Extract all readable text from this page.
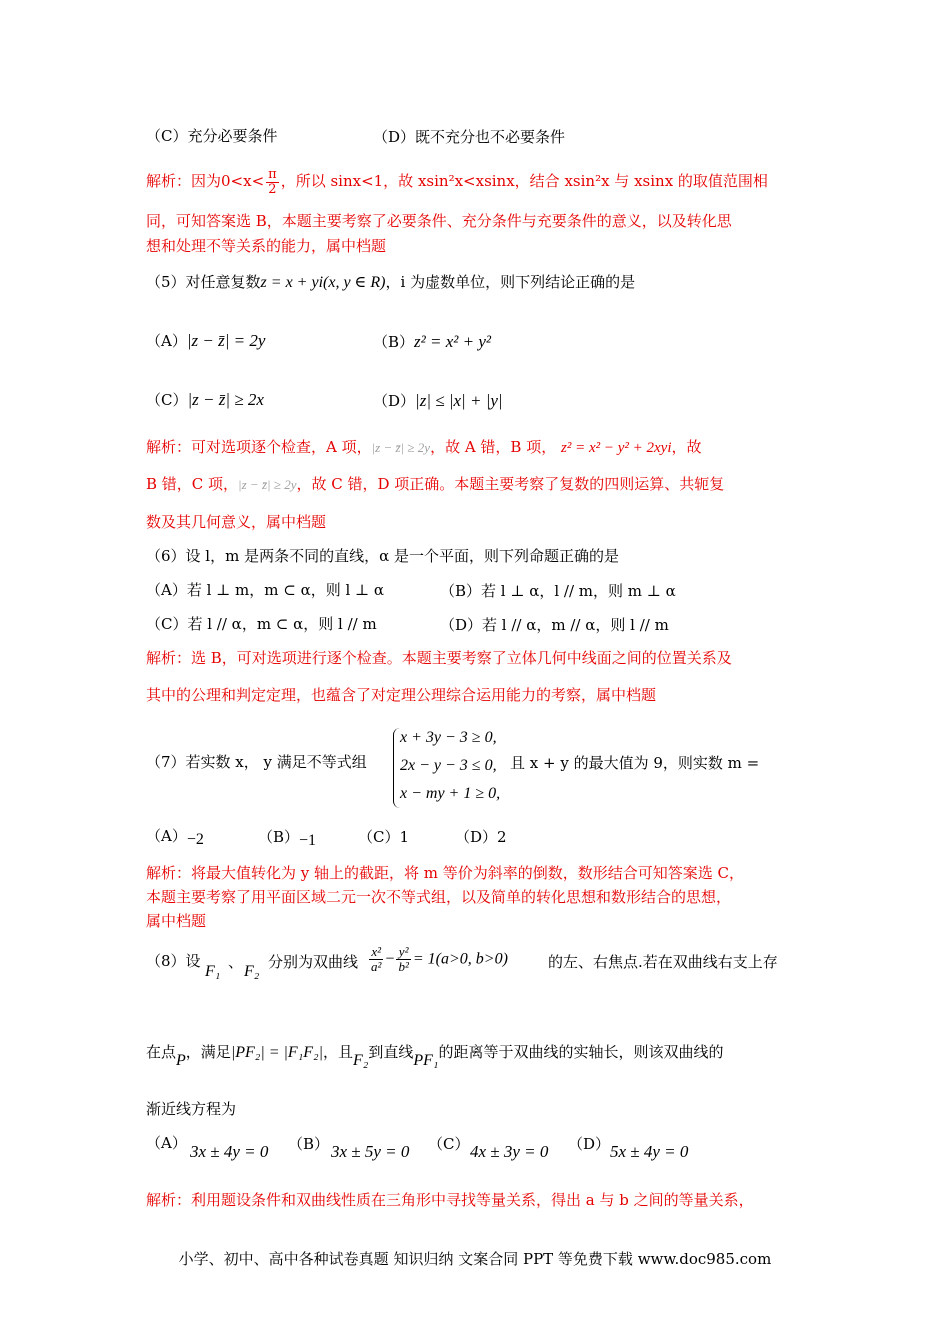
（C）充分必要条件	（D）既不充分也不必要条件
解析：因为$0<x< \frac{\pi}{2}$ ，所以 sinx<1，故 xsin²x<xsinx，结合 xsin²x 与 xsinx 的取值范围相
同，可知答案选 B，本题主要考察了必要条件、充分条件与充要条件的意义，以及转化思
想和处理不等关系的能力，属中档题
（5）对任意复数z = x + yi(x, y ∈ R)，i 为虚数单位，则下列结论正确的是
（A）|z − z̄| = 2y	（B）z² = x² + y²
（C）|z − z̄| ≥ 2x	（D）|z| ≤ |x| + |y|
解析：可对选项逐个检查，A 项，|z − z̄| ≥ 2y，故 A 错，B 项， z² = x² − y² + 2xyi，故
B 错，C 项，|z − z̄| ≥ 2y，故 C 错，D 项正确。本题主要考察了复数的四则运算、共轭复
数及其几何意义，属中档题
（6）设 l，m 是两条不同的直线，α 是一个平面，则下列命题正确的是
（A）若 l ⊥ m，m ⊂ α，则 l ⊥ α	（B）若 l ⊥ α，l // m，则 m ⊥ α
（C）若 l // α，m ⊂ α，则 l // m	（D）若 l // α，m // α，则 l // m
解析：选 B，可对选项进行逐个检查。本题主要考察了立体几何中线面之间的位置关系及
其中的公理和判定定理，也蕴含了对定理公理综合运用能力的考察，属中档题
（7）若实数 x， y 满足不等式组
x + 3y − 3 ≥ 0,
2x − y − 3 ≤ 0,
x − my + 1 ≥ 0,
且 x + y 的最大值为 9，则实数 m =
（A）−2	（B）−1	（C）1	（D）2
解析：将最大值转化为 y 轴上的截距，将 m 等价为斜率的倒数，数形结合可知答案选 C，
本题主要考察了用平面区域二元一次不等式组，以及简单的转化思想和数形结合的思想，
属中档题
（8）设
F₁
、
F₂
分别为双曲线 $\frac{\text{x²}}{\text{a²}} - \frac{\text{y²}}{\text{b²}} = 1(a>0$, b>0)	的左、右焦点.若在双曲线右支上存
在点P，满足|PF₂| = |F₁F₂|，且F₂到直线PF₁的距离等于双曲线的实轴长，则该双曲线的
渐近线方程为
（A） 3x ± 4y = 0 （B） 3x ± 5y = 0 （C） 4x ± 3y = 0 （D） 5x ± 4y = 0
解析：利用题设条件和双曲线性质在三角形中寻找等量关系，得出 a 与 b 之间的等量关系，
小学、初中、高中各种试卷真题 知识归纳 文案合同 PPT 等免费下载 www.doc985.com
